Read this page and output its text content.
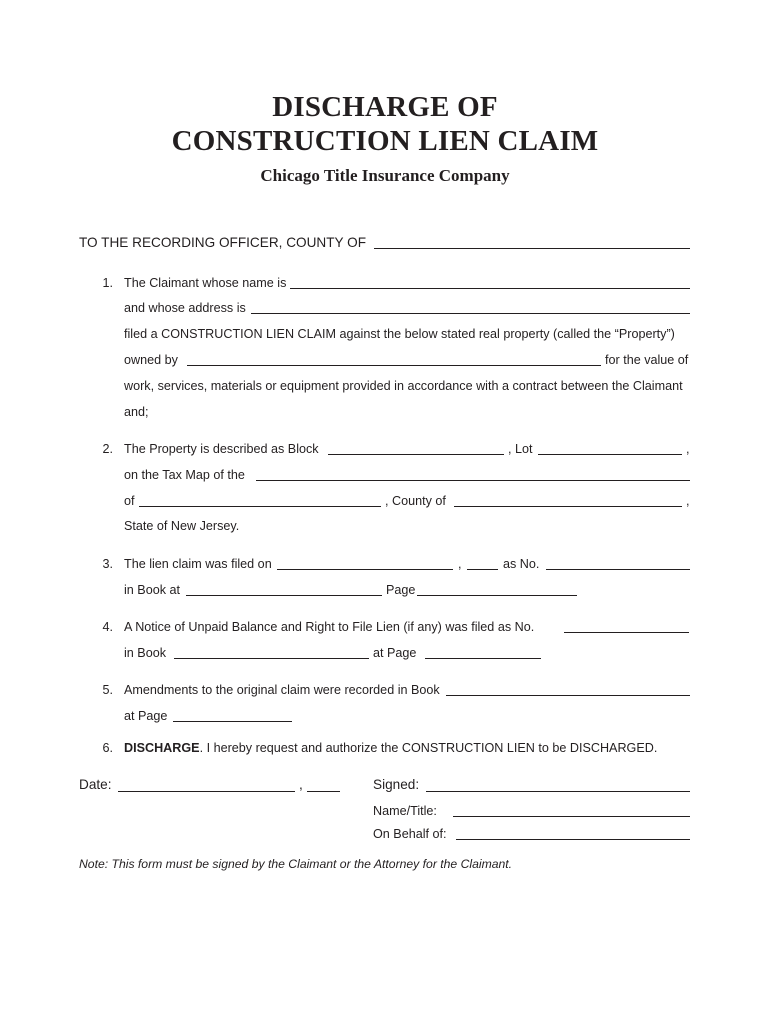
DISCHARGE OF
CONSTRUCTION LIEN CLAIM
Chicago Title Insurance Company
TO THE RECORDING OFFICER, COUNTY OF
1. The Claimant whose name is
and whose address is
filed a CONSTRUCTION LIEN CLAIM against the below stated real property (called the “Property”)
owned by	for the value of
work, services, materials or equipment provided in accordance with a contract between the Claimant
and;
2. The Property is described as Block	, Lot	,
on the Tax Map of the
of	, County of	,
State of New Jersey.
3. The lien claim was filed on	,	as No.
in Book at	Page
4. A Notice of Unpaid Balance and Right to File Lien (if any) was filed as No.
in Book	at Page
5. Amendments to the original claim were recorded in Book
at Page
6. DISCHARGE. I hereby request and authorize the CONSTRUCTION LIEN to be DISCHARGED.
Date:	,	Signed:
Name/Title:
On Behalf of:
Note: This form must be signed by the Claimant or the Attorney for the Claimant.
